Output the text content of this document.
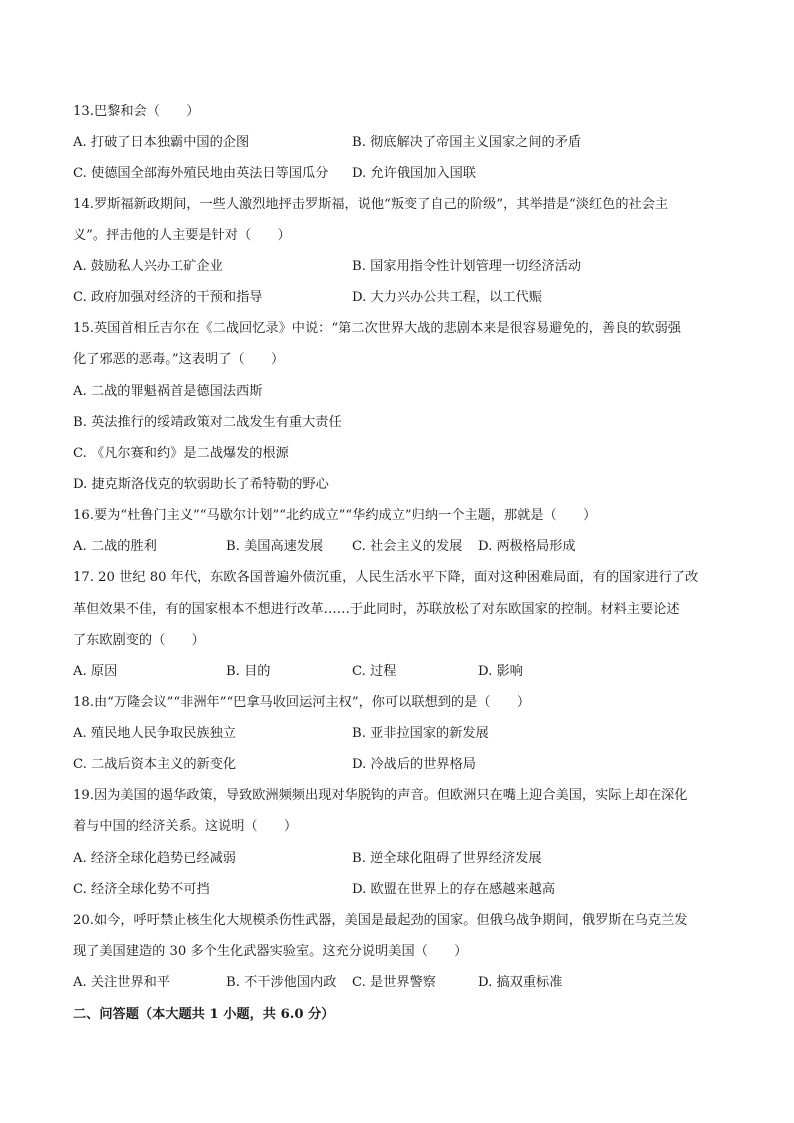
13.巴黎和会（　　）
A. 打破了日本独霸中国的企图	B. 彻底解决了帝国主义国家之间的矛盾
C. 使德国全部海外殖民地由英法日等国瓜分 D. 允许俄国加入国联
14.罗斯福新政期间，一些人激烈地抨击罗斯福，说他“叛变了自己的阶级”，其举措是“淡红色的社会主
义”。抨击他的人主要是针对（　　）
A. 鼓励私人兴办工矿企业	B. 国家用指令性计划管理一切经济活动
C. 政府加强对经济的干预和指导	D. 大力兴办公共工程，以工代赈
15.英国首相丘吉尔在《二战回忆录》中说：“第二次世界大战的悲剧本来是很容易避免的，善良的软弱强
化了邪恶的恶毒。”这表明了（　　）
A. 二战的罪魁祸首是德国法西斯
B. 英法推行的绥靖政策对二战发生有重大责任
C. 《凡尔赛和约》是二战爆发的根源
D. 捷克斯洛伐克的软弱助长了希特勒的野心
16.要为“杜鲁门主义”“马歇尔计划”“北约成立”“华约成立”归纳一个主题，那就是（　　）
A. 二战的胜利	B. 美国高速发展 C. 社会主义的发展 D. 两极格局形成
17. 20 世纪 80 年代，东欧各国普遍外债沉重，人民生活水平下降，面对这种困难局面，有的国家进行了改
革但效果不佳，有的国家根本不想进行改革……于此同时，苏联放松了对东欧国家的控制。材料主要论述
了东欧剧变的（　　）
A. 原因	B. 目的	C. 过程	D. 影响
18.由“万隆会议”“非洲年”“巴拿马收回运河主权”，你可以联想到的是（　　）
A. 殖民地人民争取民族独立	B. 亚非拉国家的新发展
C. 二战后资本主义的新变化	D. 冷战后的世界格局
19.因为美国的遏华政策，导致欧洲频频出现对华脱钩的声音。但欧洲只在嘴上迎合美国，实际上却在深化
着与中国的经济关系。这说明（　　）
A. 经济全球化趋势已经减弱	B. 逆全球化阻碍了世界经济发展
C. 经济全球化势不可挡	D. 欧盟在世界上的存在感越来越高
20.如今，呼吁禁止核生化大规模杀伤性武器，美国是最起劲的国家。但俄乌战争期间，俄罗斯在乌克兰发
现了美国建造的 30 多个生化武器实验室。这充分说明美国（　　）
A. 关注世界和平	B. 不干涉他国内政 C. 是世界警察	D. 搞双重标准
二、问答题（本大题共 1 小题，共 6.0 分）
